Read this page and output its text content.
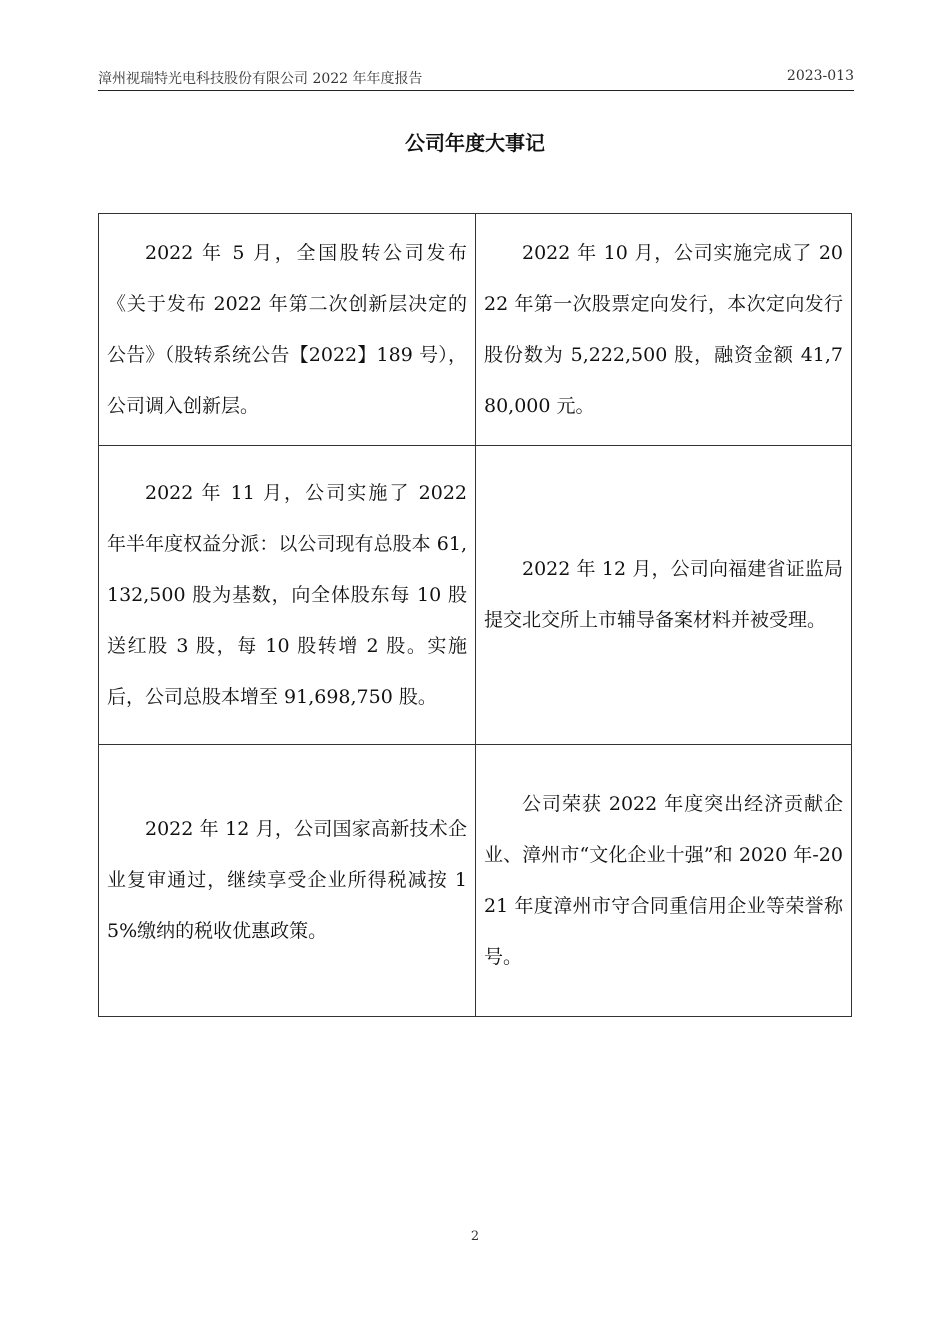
漳州视瑞特光电科技股份有限公司 2022 年年度报告	2023-013
公司年度大事记
2022 年 5 月，全国股转公司发布《关于发布 2022 年第二次创新层决定的公告》（股转系统公告【2022】189 号），公司调入创新层。	2022 年 10 月，公司实施完成了 2022 年第一次股票定向发行，本次定向发行股份数为 5,222,500 股，融资金额 41,780,000 元。
2022 年 11 月，公司实施了 2022 年半年度权益分派：以公司现有总股本 61,132,500 股为基数，向全体股东每 10 股送红股 3 股，每 10 股转增 2 股。实施后，公司总股本增至 91,698,750 股。	2022 年 12 月，公司向福建省证监局提交北交所上市辅导备案材料并被受理。
2022 年 12 月，公司国家高新技术企业复审通过，继续享受企业所得税减按 15%缴纳的税收优惠政策。	公司荣获 2022 年度突出经济贡献企业、漳州市“文化企业十强”和 2020 年-2021 年度漳州市守合同重信用企业等荣誉称号。
2
